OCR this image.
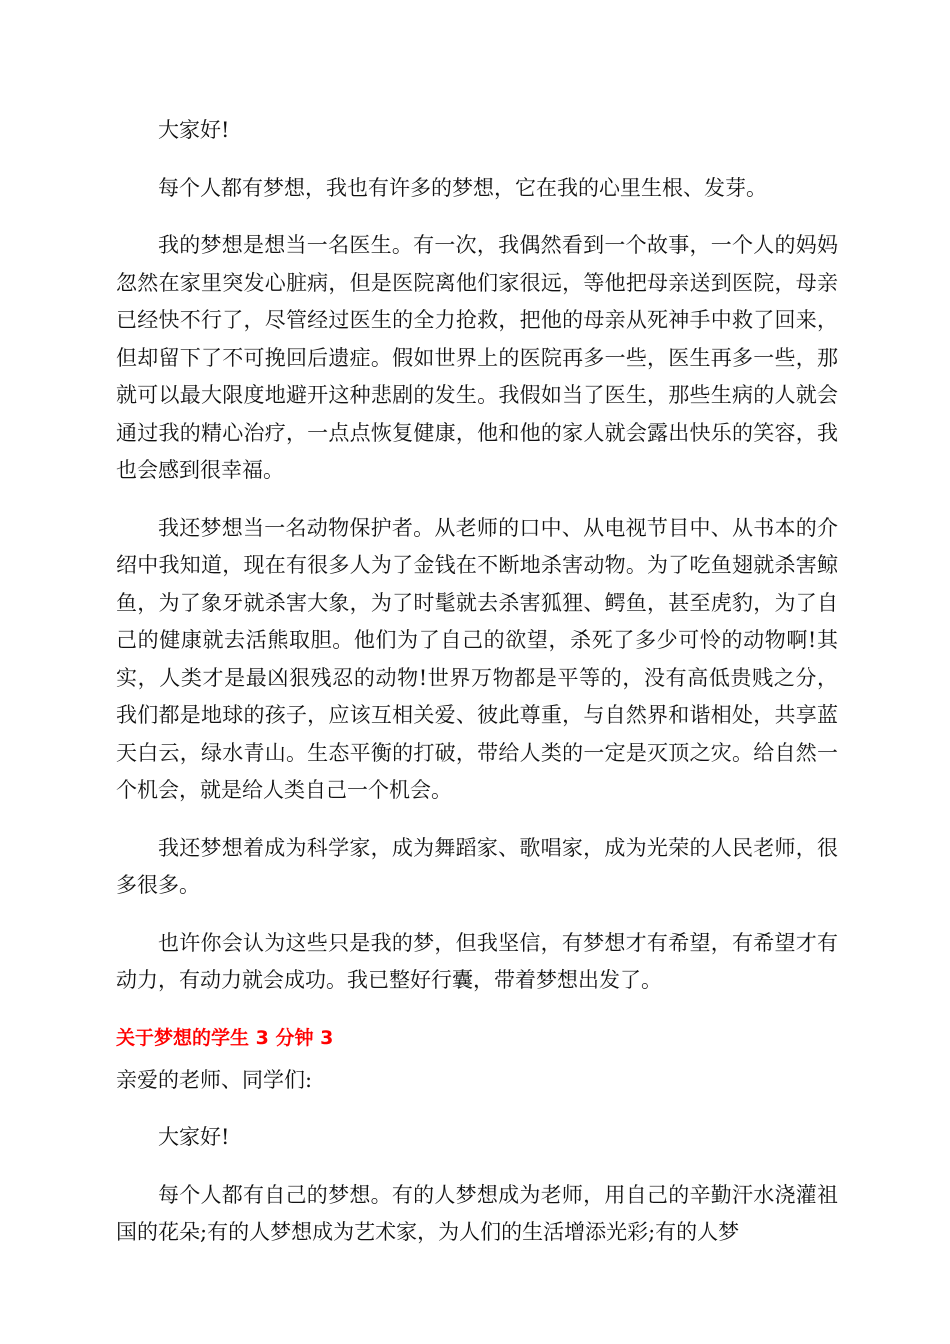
大家好!

每个人都有梦想，我也有许多的梦想，它在我的心里生根、发芽。

我的梦想是想当一名医生。有一次，我偶然看到一个故事，一个人的妈妈忽然在家里突发心脏病，但是医院离他们家很远，等他把母亲送到医院，母亲已经快不行了，尽管经过医生的全力抢救，把他的母亲从死神手中救了回来，但却留下了不可挽回后遗症。假如世界上的医院再多一些，医生再多一些，那就可以最大限度地避开这种悲剧的发生。我假如当了医生，那些生病的人就会通过我的精心治疗，一点点恢复健康，他和他的家人就会露出快乐的笑容，我也会感到很幸福。

我还梦想当一名动物保护者。从老师的口中、从电视节目中、从书本的介绍中我知道，现在有很多人为了金钱在不断地杀害动物。为了吃鱼翅就杀害鲸鱼，为了象牙就杀害大象，为了时髦就去杀害狐狸、鳄鱼，甚至虎豹，为了自己的健康就去活熊取胆。他们为了自己的欲望，杀死了多少可怜的动物啊!其实，人类才是最凶狠残忍的动物!世界万物都是平等的，没有高低贵贱之分，我们都是地球的孩子，应该互相关爱、彼此尊重，与自然界和谐相处，共享蓝天白云，绿水青山。生态平衡的打破，带给人类的一定是灭顶之灾。给自然一个机会，就是给人类自己一个机会。

我还梦想着成为科学家，成为舞蹈家、歌唱家，成为光荣的人民老师，很多很多。

也许你会认为这些只是我的梦，但我坚信，有梦想才有希望，有希望才有动力，有动力就会成功。我已整好行囊，带着梦想出发了。

关于梦想的学生 3 分钟 3

亲爱的老师、同学们:

大家好!

每个人都有自己的梦想。有的人梦想成为老师，用自己的辛勤汗水浇灌祖国的花朵;有的人梦想成为艺术家，为人们的生活增添光彩;有的人梦
